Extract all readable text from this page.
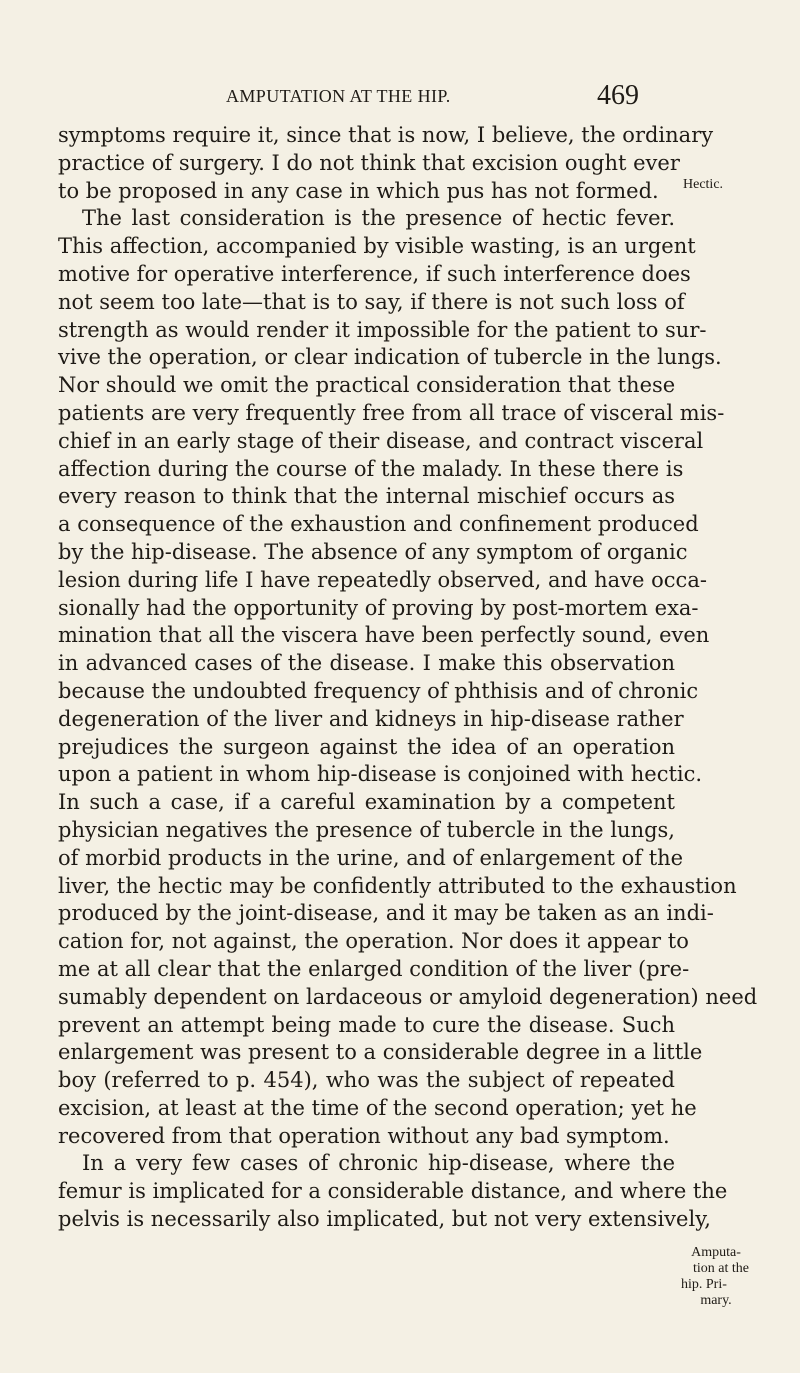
AMPUTATION AT THE HIP.	469
symptoms require it, since that is now, I believe, the ordinary
practice of surgery. I do not think that excision ought ever
to be proposed in any case in which pus has not formed.
The last consideration is the presence of hectic fever.
This affection, accompanied by visible wasting, is an urgent
motive for operative interference, if such interference does
not seem too late—that is to say, if there is not such loss of
strength as would render it impossible for the patient to sur-
vive the operation, or clear indication of tubercle in the lungs.
Nor should we omit the practical consideration that these
patients are very frequently free from all trace of visceral mis-
chief in an early stage of their disease, and contract visceral
affection during the course of the malady. In these there is
every reason to think that the internal mischief occurs as
a consequence of the exhaustion and confinement produced
by the hip-disease. The absence of any symptom of organic
lesion during life I have repeatedly observed, and have occa-
sionally had the opportunity of proving by post-mortem exa-
mination that all the viscera have been perfectly sound, even
in advanced cases of the disease. I make this observation
because the undoubted frequency of phthisis and of chronic
degeneration of the liver and kidneys in hip-disease rather
prejudices the surgeon against the idea of an operation
upon a patient in whom hip-disease is conjoined with hectic.
In such a case, if a careful examination by a competent
physician negatives the presence of tubercle in the lungs,
of morbid products in the urine, and of enlargement of the
liver, the hectic may be confidently attributed to the exhaustion
produced by the joint-disease, and it may be taken as an indi-
cation for, not against, the operation. Nor does it appear to
me at all clear that the enlarged condition of the liver (pre-
sumably dependent on lardaceous or amyloid degeneration) need
prevent an attempt being made to cure the disease. Such
enlargement was present to a considerable degree in a little
boy (referred to p. 454), who was the subject of repeated
excision, at least at the time of the second operation; yet he
recovered from that operation without any bad symptom.
In a very few cases of chronic hip-disease, where the
femur is implicated for a considerable distance, and where the
pelvis is necessarily also implicated, but not very extensively,
Hectic.
Amputa-
tion at the
hip. Pri-
mary.
